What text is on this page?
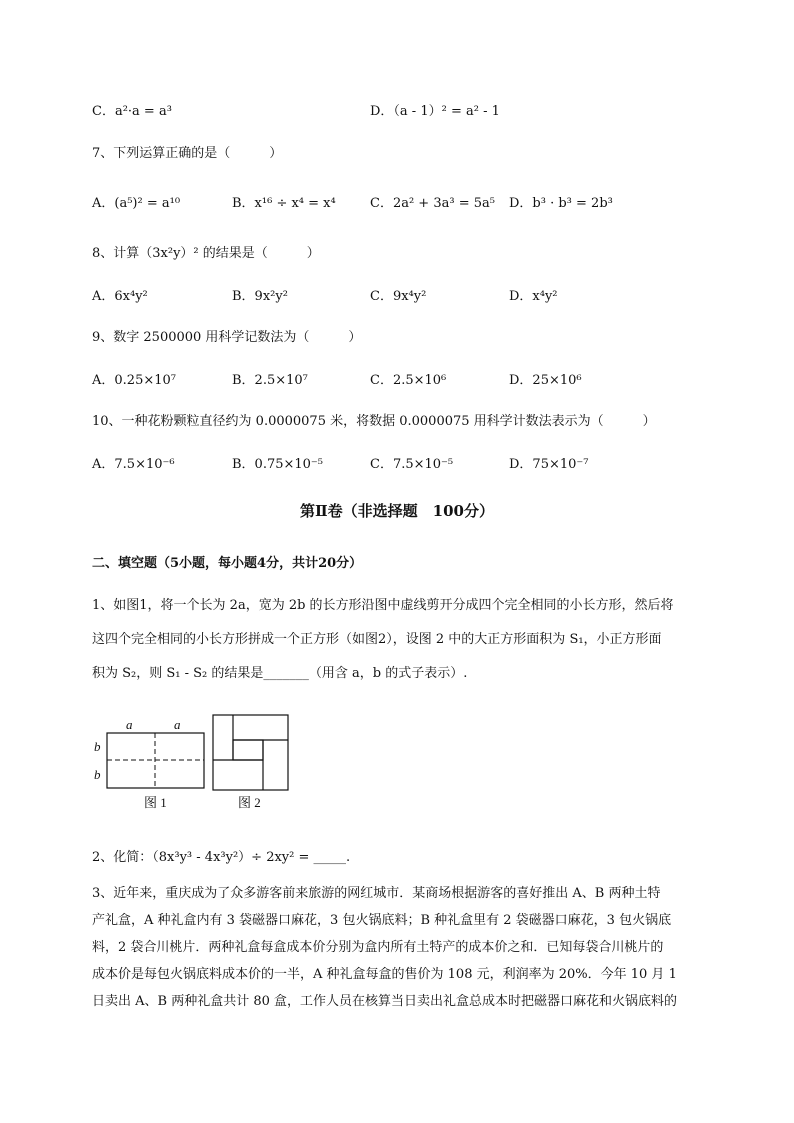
C．a²·a = a³	D．（a - 1）² = a² - 1
7、下列运算正确的是（　　　）
A．(a⁵)² = a¹⁰	B．x¹⁶ ÷ x⁴ = x⁴	C．2a² + 3a³ = 5a⁵ D．b³ · b³ = 2b³
8、计算（3x²y）² 的结果是（　　　）
A．6x⁴y²	B．9x²y²	C．9x⁴y²	D．x⁴y²
9、数字 2500000 用科学记数法为（　　　）
A．0.25×10⁷	B．2.5×10⁷	C．2.5×10⁶	D．25×10⁶
10、一种花粉颗粒直径约为 0.0000075 米，将数据 0.0000075 用科学计数法表示为（　　　）
A．7.5×10⁻⁶	B．0.75×10⁻⁵	C．7.5×10⁻⁵	D．75×10⁻⁷
第Ⅱ卷（非选择题　100分）
二、填空题（5小题，每小题4分，共计20分）
1、如图1，将一个长为 2a，宽为 2b 的长方形沿图中虚线剪开分成四个完全相同的小长方形，然后将
这四个完全相同的小长方形拼成一个正方形（如图2），设图 2 中的大正方形面积为 S₁，小正方形面
积为 S₂，则 S₁ - S₂ 的结果是_______（用含 a，b 的式子表示）.
a	a
b
b
图 1	图 2
2、化简：（8x³y³ - 4x³y²）÷ 2xy² = _____.
3、近年来，重庆成为了众多游客前来旅游的网红城市．某商场根据游客的喜好推出 A、B 两种土特
产礼盒，A 种礼盒内有 3 袋磁器口麻花，3 包火锅底料；B 种礼盒里有 2 袋磁器口麻花，3 包火锅底
料，2 袋合川桃片．两种礼盒每盒成本价分别为盒内所有土特产的成本价之和．已知每袋合川桃片的
成本价是每包火锅底料成本价的一半，A 种礼盒每盒的售价为 108 元，利润率为 20%．今年 10 月 1
日卖出 A、B 两种礼盒共计 80 盒，工作人员在核算当日卖出礼盒总成本时把磁器口麻花和火锅底料的
